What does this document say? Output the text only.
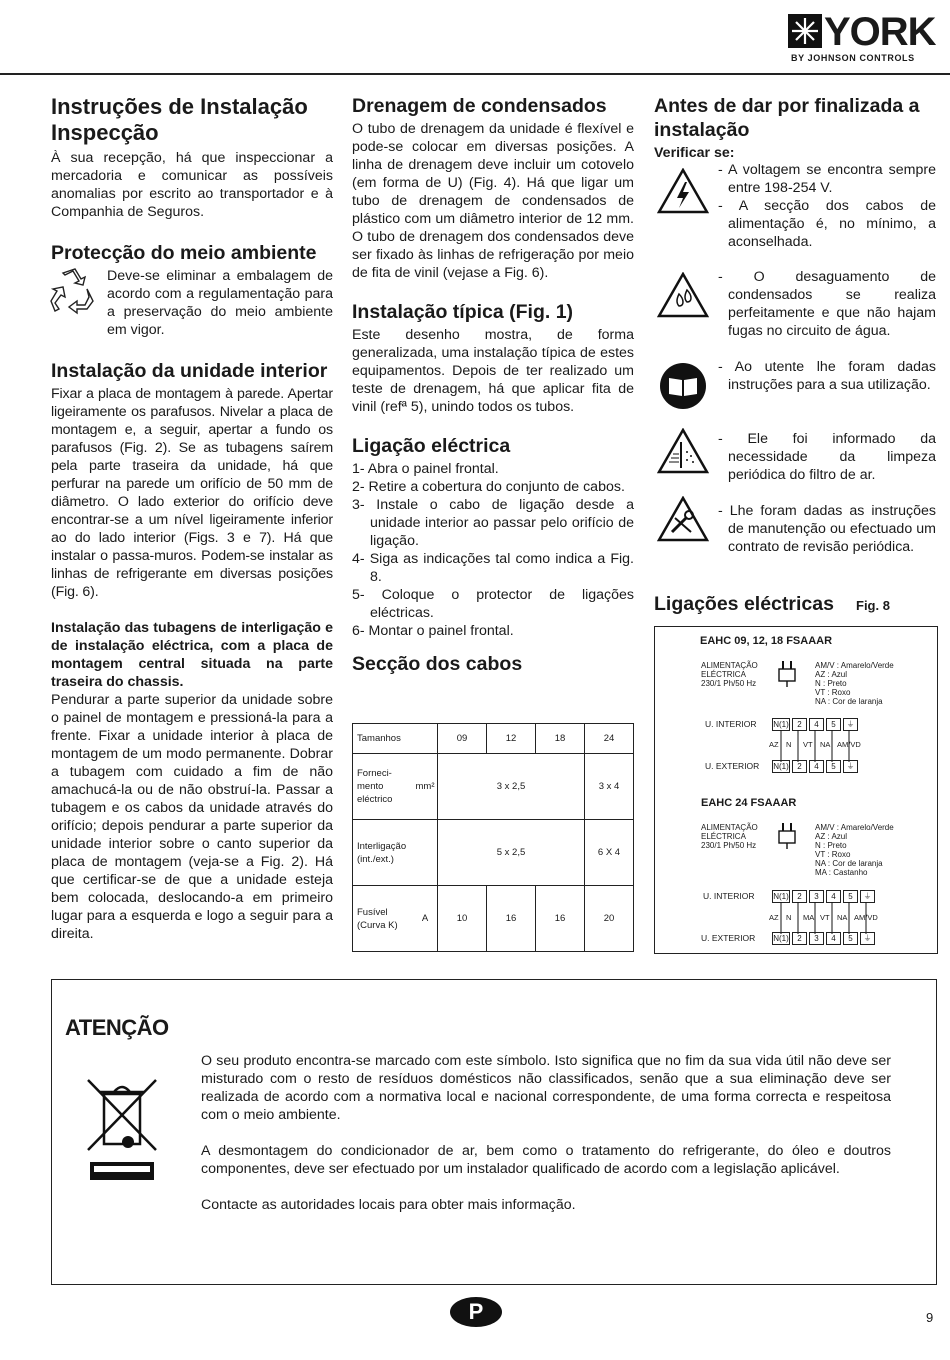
YORK
BY JOHNSON CONTROLS
Instruções de Instalação
Inspecção

À sua recepção, há que inspeccionar a mercadoria e comunicar as possíveis anomalias por escrito ao transportador e à Companhia de Seguros.

Protecção do meio ambiente

Deve-se eliminar a embalagem de acordo com a regulamentação para a preservação do meio ambiente em vigor.

Instalação da unidade interior

Fixar a placa de montagem à parede. Apertar ligeiramente os parafusos. Nivelar a placa de montagem e, a seguir, apertar a fundo os parafusos (Fig. 2). Se as tubagens saírem pela parte traseira da unidade, há que perfurar na parede um orifício de 50 mm de diâmetro. O lado exterior do orifício deve encontrar-se a um nível ligeiramente inferior ao do lado interior (Figs. 3 e 7). Há que instalar o passa-muros. Podem-se instalar as linhas de refrigerante em diversas posições (Fig. 6).

Instalação das tubagens de interligação e de instalação eléctrica, com a placa de montagem central situada na parte traseira do chassis.

Pendurar a parte superior da unidade sobre o painel de montagem e pressioná-la para a frente. Fixar a unidade interior à placa de montagem de um modo permanente. Dobrar a tubagem com cuidado a fim de não amachucá-la ou de não obstruí-la. Passar a tubagem e os cabos da unidade através do orifício; depois pendurar a parte superior da unidade interior sobre o canto superior da placa de montagem (veja-se a Fig. 2). Há que certificar-se de que a unidade esteja bem colocada, deslocando-a em primeiro lugar para a esquerda e logo a seguir para a direita.

Drenagem de condensados

O tubo de drenagem da unidade é flexível e pode-se colocar em diversas posições. A linha de drenagem deve incluir um cotovelo (em forma de U) (Fig. 4). Há que ligar um tubo de drenagem de condensados de plástico com um diâmetro interior de 12 mm. O tubo de drenagem dos condensados deve ser fixado às linhas de refrigeração por meio de fita de vinil (vejase a Fig. 6).

Instalação típica (Fig. 1)

Este desenho mostra, de forma generalizada, uma instalação típica de estes equipamentos. Depois de ter realizado um teste de drenagem, há que aplicar fita de vinil (refª 5), unindo todos os tubos.

Ligação eléctrica

1- Abra o painel frontal.

2- Retire a cobertura do conjunto de cabos.

3- Instale o cabo de ligação desde a unidade interior ao passar pelo orifício de ligação.

4- Siga as indicações tal como indica a Fig. 8.

5- Coloque o protector de ligações eléctricas.

6- Montar o painel frontal.

Secção dos cabos
Tamanhos		09	12	18	24
Forneci-
mento
eléctrico	mm²	3 x 2,5			3 x 4
Interligação
(int./ext.)		5 x 2,5			6 X 4
Fusível
(Curva K)	A	10	16	16	20
Antes de dar por finalizada a instalação
Verificar se:

- A voltagem se encontra sempre entre 198-254 V.

- A secção dos cabos de alimentação é, no mínimo, a aconselhada.

- O desaguamento de condensados se realiza perfeitamente e que não hajam fugas no circuito de água.

- Ao utente lhe foram dadas instruções para a sua utilização.

- Ele foi informado da necessidade da limpeza periódica do filtro de ar.

- Lhe foram dadas as instruções de manutenção ou efectuado um contrato de revisão periódica.

Ligações eléctricas Fig. 8
EAHC 09, 12, 18 FSAAAR
ALIMENTAÇÃO
ELÉCTRICA
230/1 Ph/50 Hz
AM/V : Amarelo/Verde
AZ : Azul
N : Preto
VT : Roxo
NA : Cor de laranja
U. INTERIOR N(1) 2 4 5 ⏚
AZ N VT NA AM/VD
U. EXTERIOR N(1) 2 4 5 ⏚
EAHC 24 FSAAAR
ALIMENTAÇÃO
ELÉCTRICA
230/1 Ph/50 Hz
AM/V : Amarelo/Verde
AZ : Azul
N : Preto
VT : Roxo
NA : Cor de laranja
MA : Castanho
U. INTERIOR N(1) 2 3 4 5 ⏚
AZ N MA VT NA AM/VD
U. EXTERIOR N(1) 2 3 4 5 ⏚
ATENÇÃO

O seu produto encontra-se marcado com este símbolo. Isto significa que no fim da sua vida útil não deve ser misturado com o resto de resíduos domésticos não classificados, senão que a sua eliminação deve ser realizada de acordo com a normativa local e nacional correspondente, de uma forma correcta e respeitosa com o meio ambiente.

A desmontagem do condicionador de ar, bem como o tratamento do refrigerante, do óleo e doutros componentes, deve ser efectuado por um instalador qualificado de acordo com a legislação aplicável.

Contacte as autoridades locais para obter mais informação.

P	9
